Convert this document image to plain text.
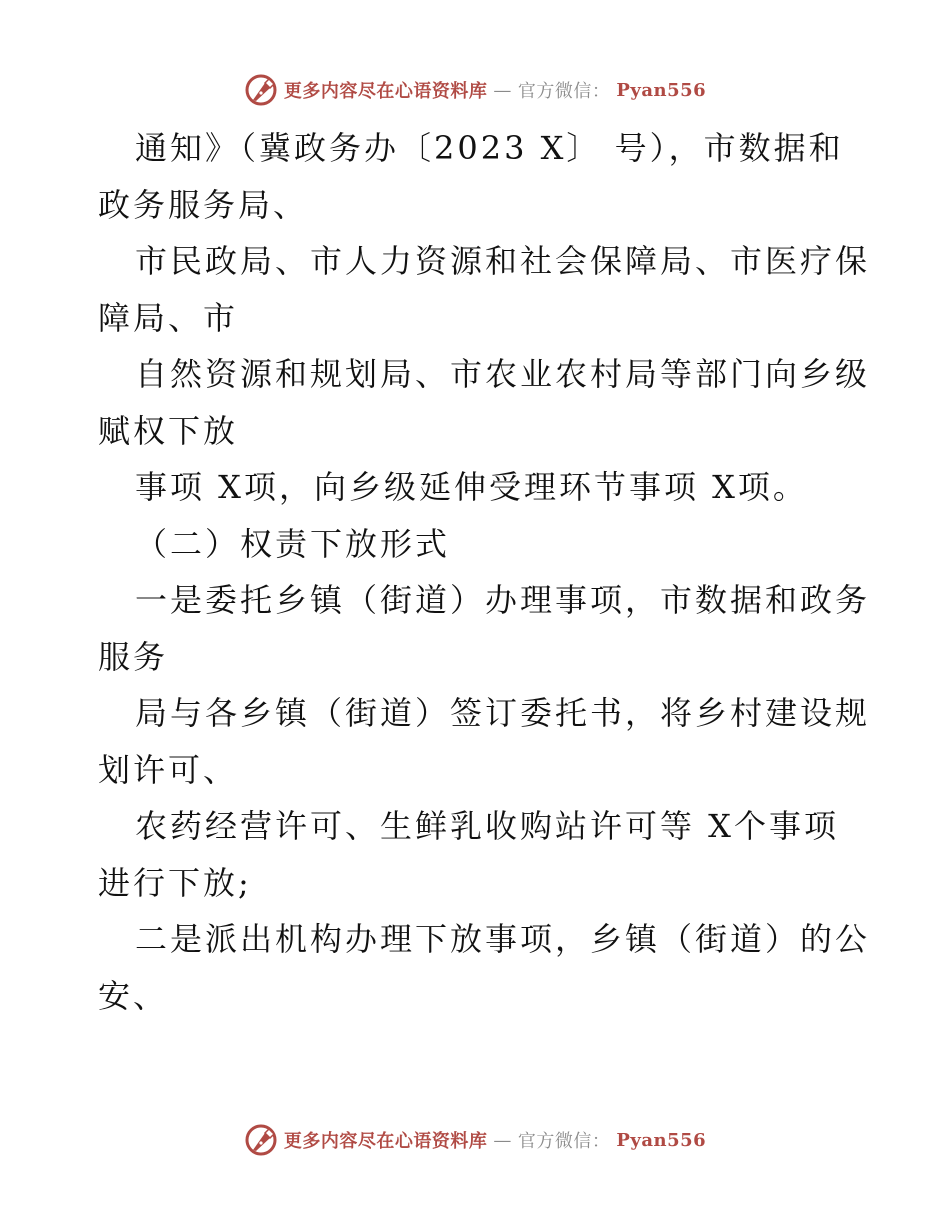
更多内容尽在心语资料库 — 官方微信： Pyan556
通知》（冀政务办〔2023 X〕 号），市数据和
政务服务局、
市民政局、市人力资源和社会保障局、市医疗保
障局、市
自然资源和规划局、市农业农村局等部门向乡级
赋权下放
事项 X项，向乡级延伸受理环节事项 X项。
（二）权责下放形式
一是委托乡镇（街道）办理事项，市数据和政务
服务
局与各乡镇（街道）签订委托书，将乡村建设规
划许可、
农药经营许可、生鲜乳收购站许可等 X个事项
进行下放;
二是派出机构办理下放事项，乡镇（街道）的公
安、
更多内容尽在心语资料库 — 官方微信： Pyan556
